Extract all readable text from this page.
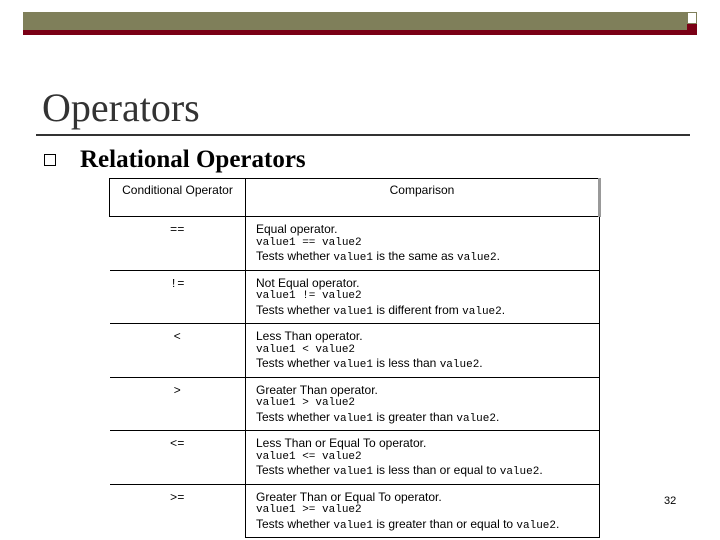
Operators
Relational Operators
Conditional Operator	Comparison
==	Equal operator.
value1 == value2
Tests whether value1 is the same as value2.

!=	Not Equal operator.
value1 != value2
Tests whether value1 is different from value2.

<	Less Than operator.
value1 < value2
Tests whether value1 is less than value2.

>	Greater Than operator.
value1 > value2
Tests whether value1 is greater than value2.

<=	Less Than or Equal To operator.
value1 <= value2
Tests whether value1 is less than or equal to value2.

>=	Greater Than or Equal To operator.
value1 >= value2
Tests whether value1 is greater than or equal to value2.
32
